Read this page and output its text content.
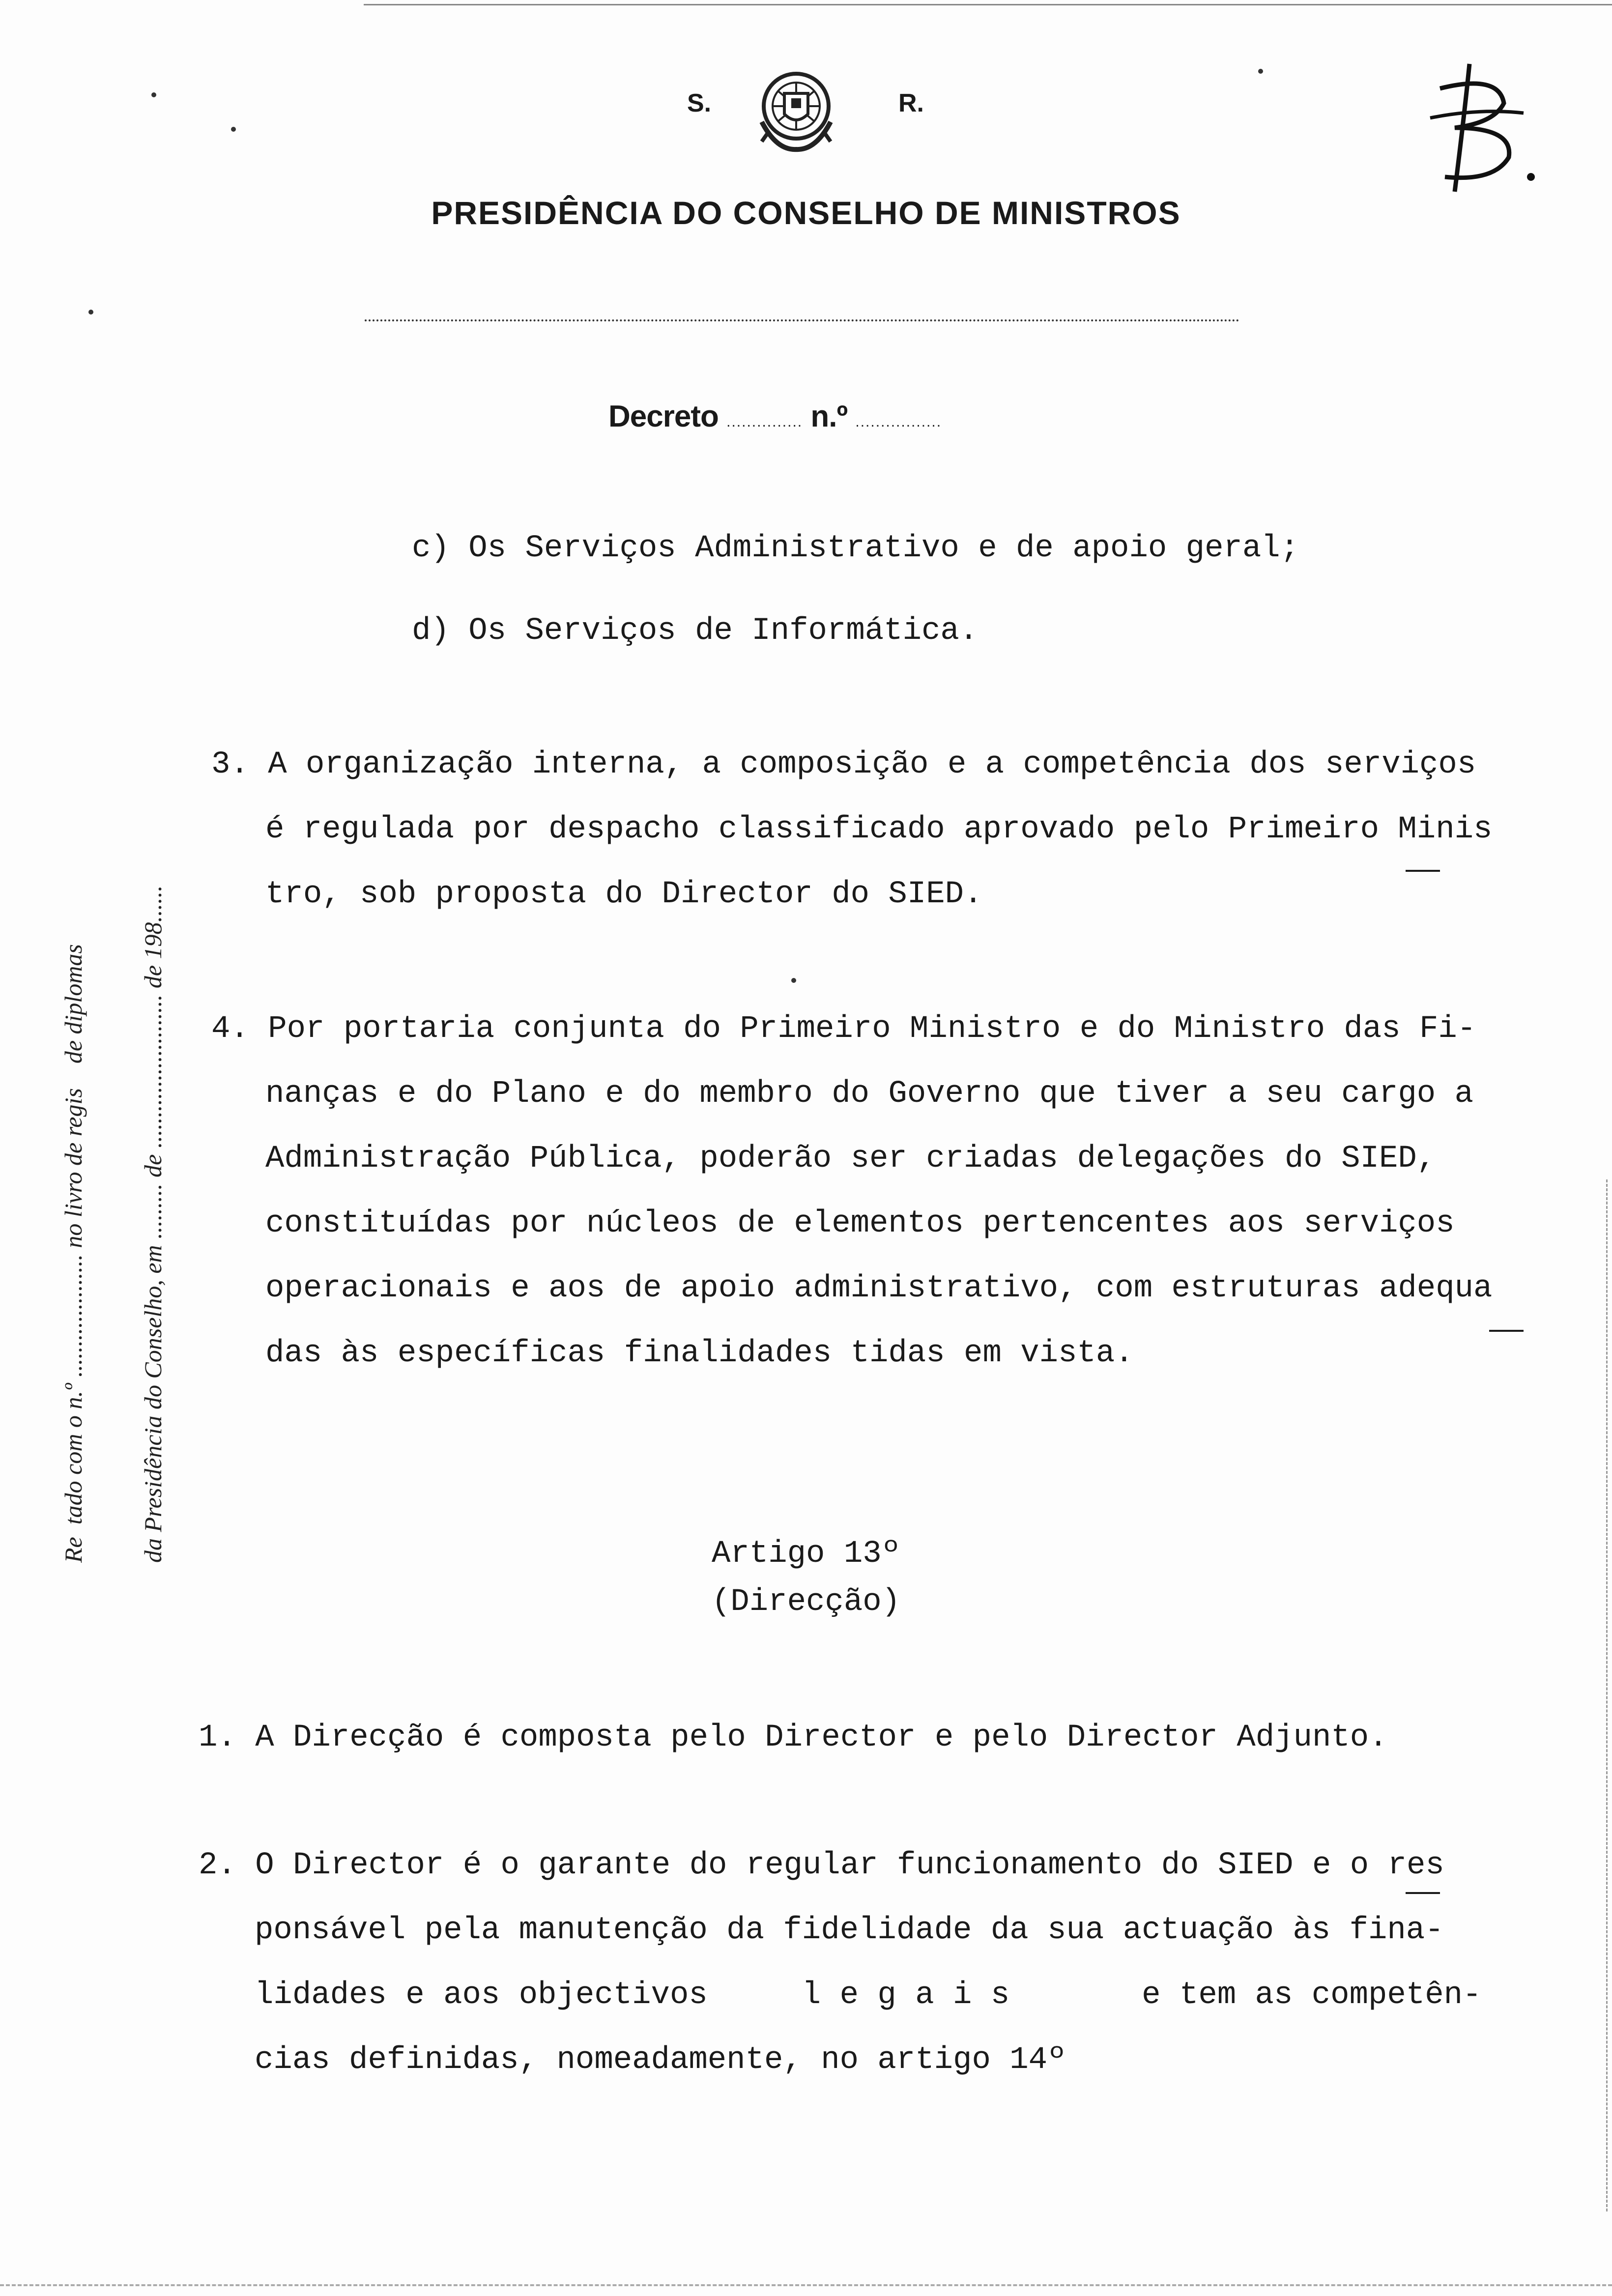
S.	R.
PRESIDÊNCIA DO CONSELHO DE MINISTROS
Decreto ............... n.º .................
Re  tado com o n.º .................... no livro de regis    de diplomas da Presidência do Conselho, em ......... de ......................... de 198......
c) Os Serviços Administrativo e de apoio geral;
d) Os Serviços de Informática.
3. A organização interna, a composição e a competência dos serviços
é regulada por despacho classificado aprovado pelo Primeiro Minis
tro, sob proposta do Director do SIED.
4. Por portaria conjunta do Primeiro Ministro e do Ministro das Fi-
nanças e do Plano e do membro do Governo que tiver a seu cargo a
Administração Pública, poderão ser criadas delegações do SIED,
constituídas por núcleos de elementos pertencentes aos serviços
operacionais e aos de apoio administrativo, com estruturas adequa
das às específicas finalidades tidas em vista.
Artigo 13º
(Direcção)
1. A Direcção é composta pelo Director e pelo Director Adjunto.
2. O Director é o garante do regular funcionamento do SIED e o res
ponsável pela manutenção da fidelidade da sua actuação às fina-
lidades e aos objectivos     l e g a i s       e tem as competên-
cias definidas, nomeadamente, no artigo 14º
